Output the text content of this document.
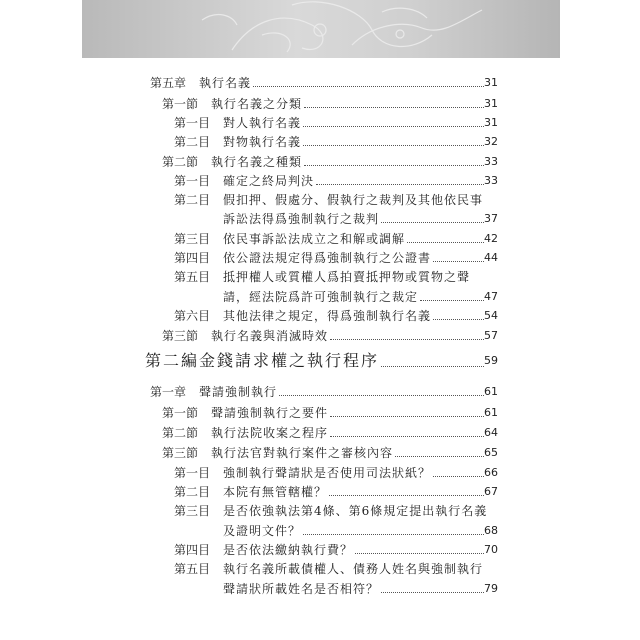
第五章 執行名義	31
第一節 執行名義之分類	31
第一目 對人執行名義	31
第二目 對物執行名義	32
第二節 執行名義之種類	33
第一目 確定之終局判決	33
第二目 假扣押、假處分、假執行之裁判及其他依民事
訴訟法得爲強制執行之裁判	37
第三目 依民事訴訟法成立之和解或調解	42
第四目 依公證法規定得爲強制執行之公證書	44
第五目 抵押權人或質權人爲拍賣抵押物或質物之聲
請，經法院爲許可強制執行之裁定	47
第六目 其他法律之規定，得爲強制執行名義	54
第三節 執行名義與消滅時效	57
第二編 金錢請求權之執行程序	59
第一章 聲請強制執行	61
第一節 聲請強制執行之要件	61
第二節 執行法院收案之程序	64
第三節 執行法官對執行案件之審核內容	65
第一目 強制執行聲請狀是否使用司法狀紙？	66
第二目 本院有無管轄權？	67
第三目 是否依強執法第4條、第6條規定提出執行名義
及證明文件？	68
第四目 是否依法繳納執行費？	70
第五目 執行名義所載債權人、債務人姓名與強制執行
聲請狀所載姓名是否相符？	79
